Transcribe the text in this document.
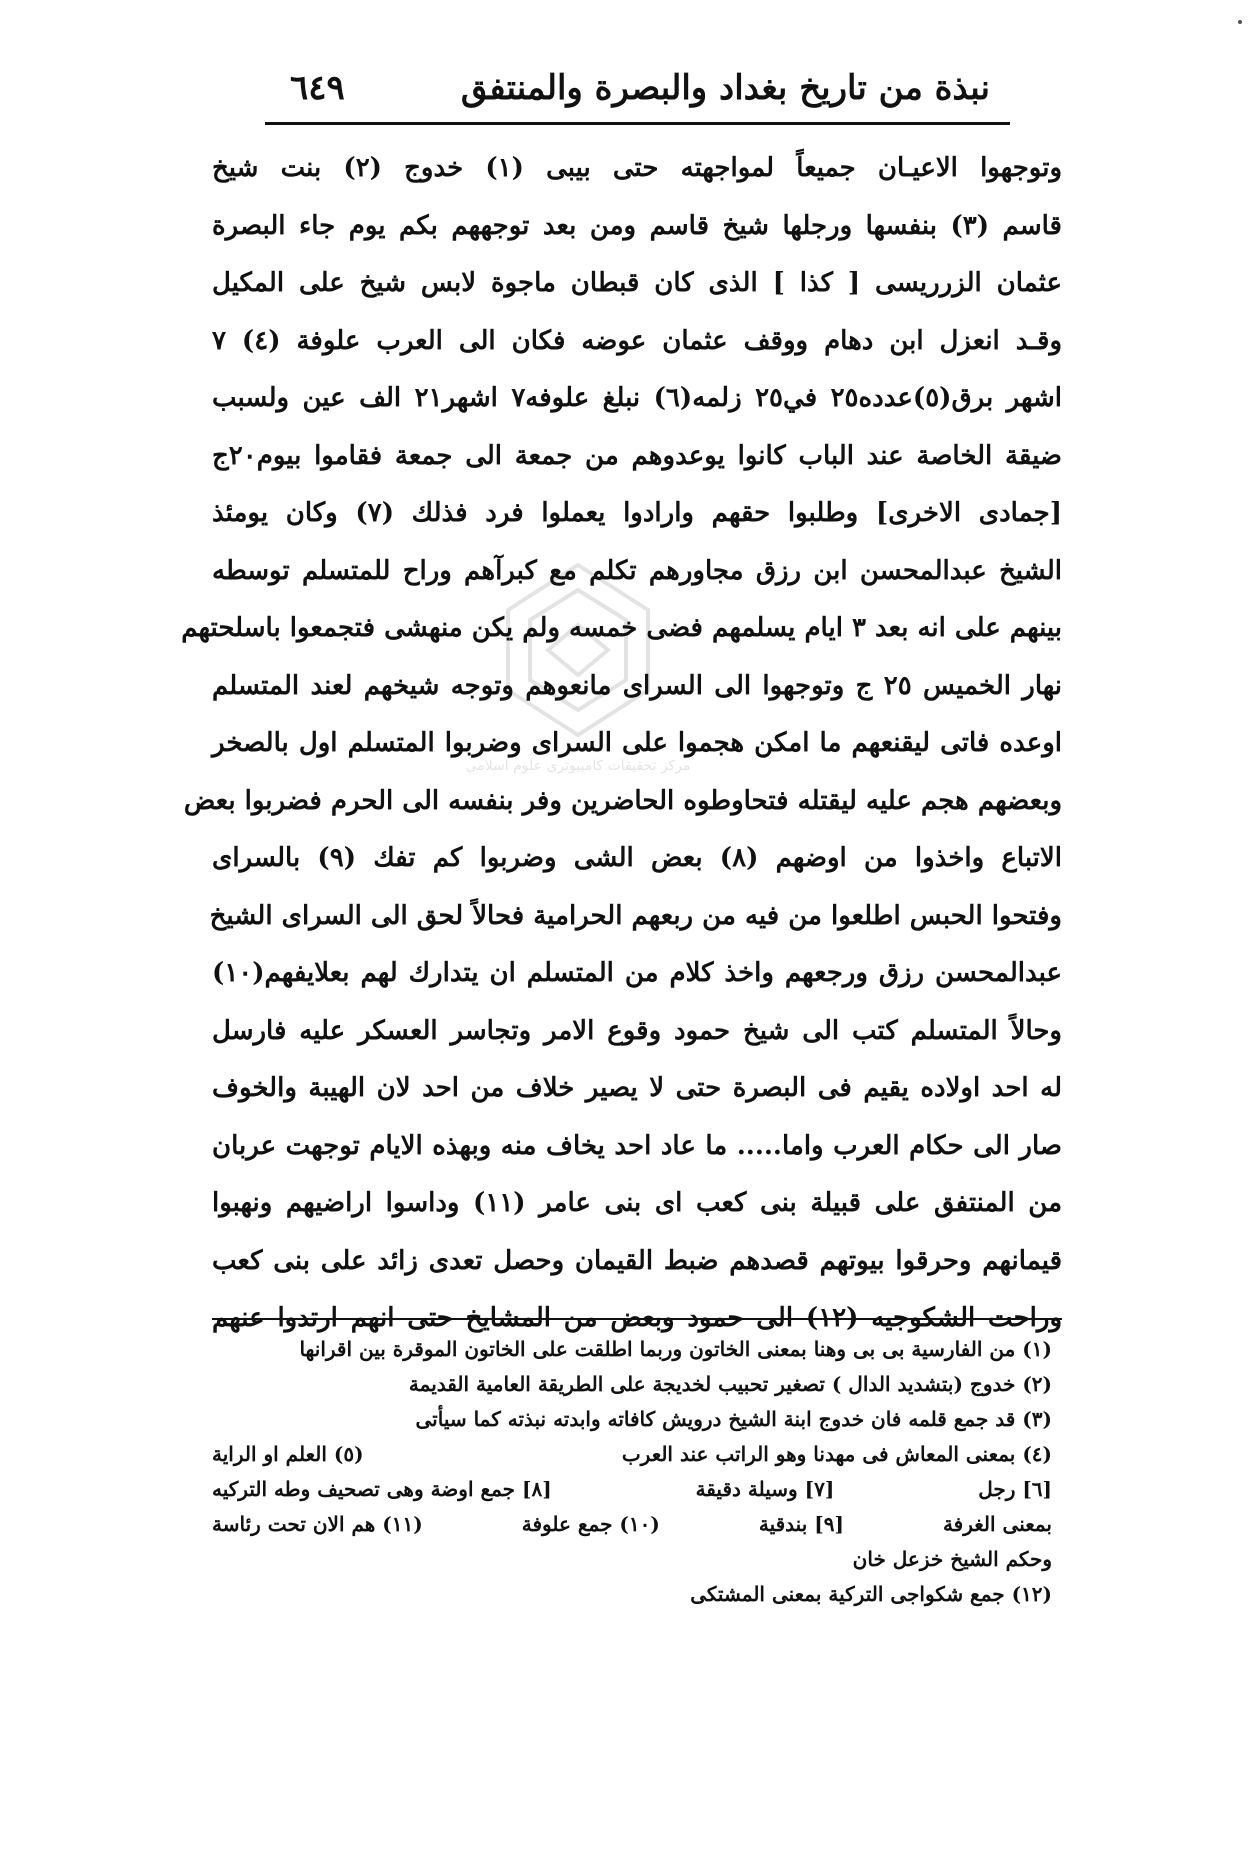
نبذة من تاريخ بغداد والبصرة والمنتفق
٦٤٩
مركز تحقيقات كامپيوتري علوم اسلامي
وتوجهوا الاعيـان جميعاً لمواجهته حتى بيبى (١) خدوج (٢) بنت شيخ
قاسم (٣) بنفسها ورجلها شيخ قاسم ومن بعد توجههم بكم يوم جاء البصرة
عثمان الزرريسى [ كذا ] الذى كان قبطان ماجوة لابس شيخ على المكيل
وقـد انعزل ابن دهام ووقف عثمان عوضه فكان الى العرب علوفة (٤) ٧
اشهر برق(٥)عدده٢٥ في٢٥ زلمه(٦) نبلغ علوفه٧ اشهر٢١ الف عين ولسبب
ضيقة الخاصة عند الباب كانوا يوعدوهم من جمعة الى جمعة فقاموا بيوم٢٠ج
[جمادى الاخرى] وطلبوا حقهم وارادوا يعملوا فرد فذلك (٧) وكان يومئذ
الشيخ عبدالمحسن ابن رزق مجاورهم تكلم مع كبرآهم وراح للمتسلم توسطه
بينهم على انه بعد ٣ ايام يسلمهم فضى خمسه ولم يكن منهشى فتجمعوا باسلحتهم
نهار الخميس ٢٥ ج وتوجهوا الى السراى مانعوهم وتوجه شيخهم لعند المتسلم
اوعده فاتى ليقنعهم ما امكن هجموا على السراى وضربوا المتسلم اول بالصخر
وبعضهم هجم عليه ليقتله فتحاوطوه الحاضرين وفر بنفسه الى الحرم فضربوا بعض
الاتباع واخذوا من اوضهم (٨) بعض الشى وضربوا كم تفك (٩) بالسراى
وفتحوا الحبس اطلعوا من فيه من ربعهم الحرامية فحالاً لحق الى السراى الشيخ
عبدالمحسن رزق ورجعهم واخذ كلام من المتسلم ان يتدارك لهم بعلايفهم(١٠)
وحالاً المتسلم كتب الى شيخ حمود وقوع الامر وتجاسر العسكر عليه فارسل
له احد اولاده يقيم فى البصرة حتى لا يصير خلاف من احد لان الهيبة والخوف
صار الى حكام العرب واما..... ما عاد احد يخاف منه وبهذه الايام توجهت عربان
من المنتفق على قبيلة بنى كعب اى بنى عامر (١١) وداسوا اراضيهم ونهبوا
قيمانهم وحرقوا بيوتهم قصدهم ضبط القيمان وحصل تعدى زائد على بنى كعب
وراحت الشكوجيه (١٢) الى حمود وبعض من المشايخ حتى انهم ارتدوا عنهم
(١) من الفارسية بى بى وهنا بمعنى الخاتون وربما اطلقت على الخاتون الموقرة بين اقرانها
(٢) خدوج (بتشديد الدال ) تصغير تحبيب لخديجة على الطريقة العامية القديمة
(٣) قد جمع قلمه فان خدوج ابنة الشيخ درويش كافاته وابدته نبذته كما سيأتى
(٤) بمعنى المعاش فى مهدنا وهو الراتب عند العرب
(٥) العلم او الراية
[٦] رجل
[٧] وسيلة دقيقة
[٨] جمع اوضة وهى تصحيف وطه التركيه
بمعنى الغرفة
[٩] بندقية
(١٠) جمع علوفة
(١١) هم الان تحت رئاسة
وحكم الشيخ خزعل خان
(١٢) جمع شكواجى التركية بمعنى المشتكى
